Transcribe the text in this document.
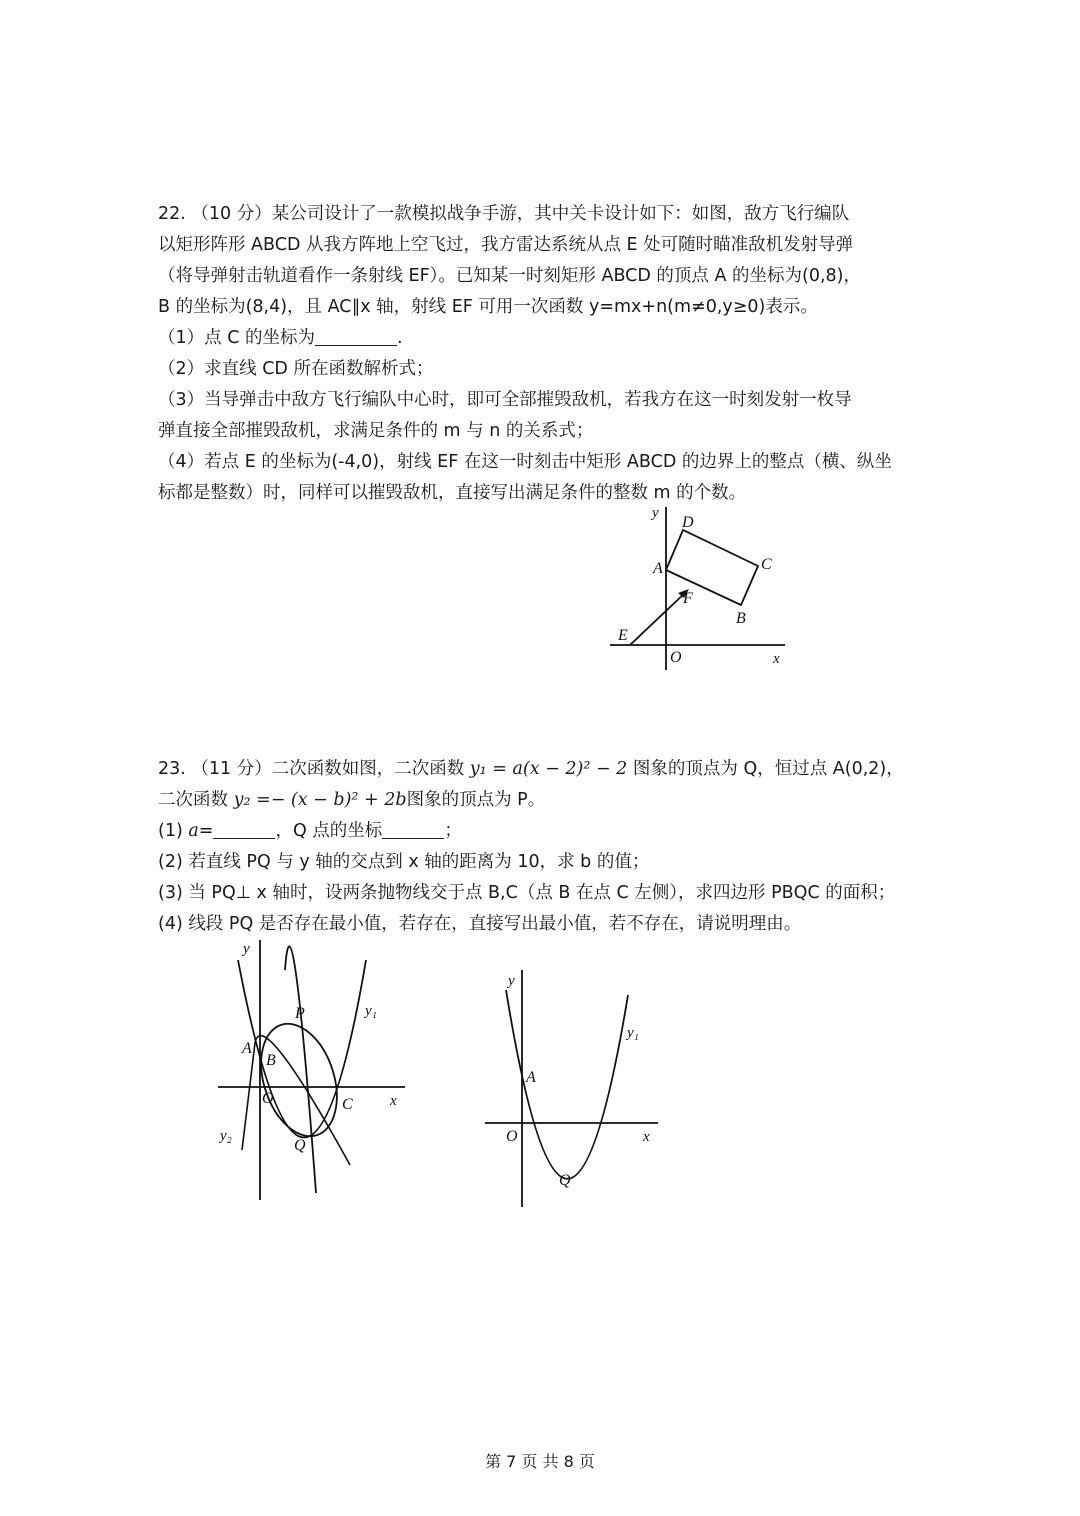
22. （10 分）某公司设计了一款模拟战争手游，其中关卡设计如下：如图，敌方飞行编队

以矩形阵形 ABCD 从我方阵地上空飞过，我方雷达系统从点 E 处可随时瞄准敌机发射导弹

（将导弹射击轨道看作一条射线 EF）。已知某一时刻矩形 ABCD 的顶点 A 的坐标为(0,8)，

B 的坐标为(8,4)，且 AC∥x 轴，射线 EF 可用一次函数 y=mx+n(m≠0,y≥0)表示。

（1）点 C 的坐标为	.

（2）求直线 CD 所在函数解析式；

（3）当导弹击中敌方飞行编队中心时，即可全部摧毁敌机，若我方在这一时刻发射一枚导

弹直接全部摧毁敌机，求满足条件的 m 与 n 的关系式；

（4）若点 E 的坐标为(-4,0)，射线 EF 在这一时刻击中矩形 ABCD 的边界上的整点（横、纵坐

标都是整数）时，同样可以摧毁敌机，直接写出满足条件的整数 m 的个数。

y
x
O
A
D
C
B
F
E

23. （11 分）二次函数如图，二次函数 y₁ = a(x − 2)² − 2 图象的顶点为 Q，恒过点 A(0,2)，

二次函数 y₂ =− (x − b)² + 2b图象的顶点为 P。

(1) a=	，Q 点的坐标	；

(2) 若直线 PQ 与 y 轴的交点到 x 轴的距离为 10，求 b 的值；

(3) 当 PQ⊥ x 轴时，设两条抛物线交于点 B,C（点 B 在点 C 左侧），求四边形 PBQC 的面积；

(4) 线段 PQ 是否存在最小值，若存在，直接写出最小值，若不存在，请说明理由。

y
x
O
A
B
C
P
Q
y₁
y₂
y
x
O
A
Q
y₁
第 7 页 共 8 页
